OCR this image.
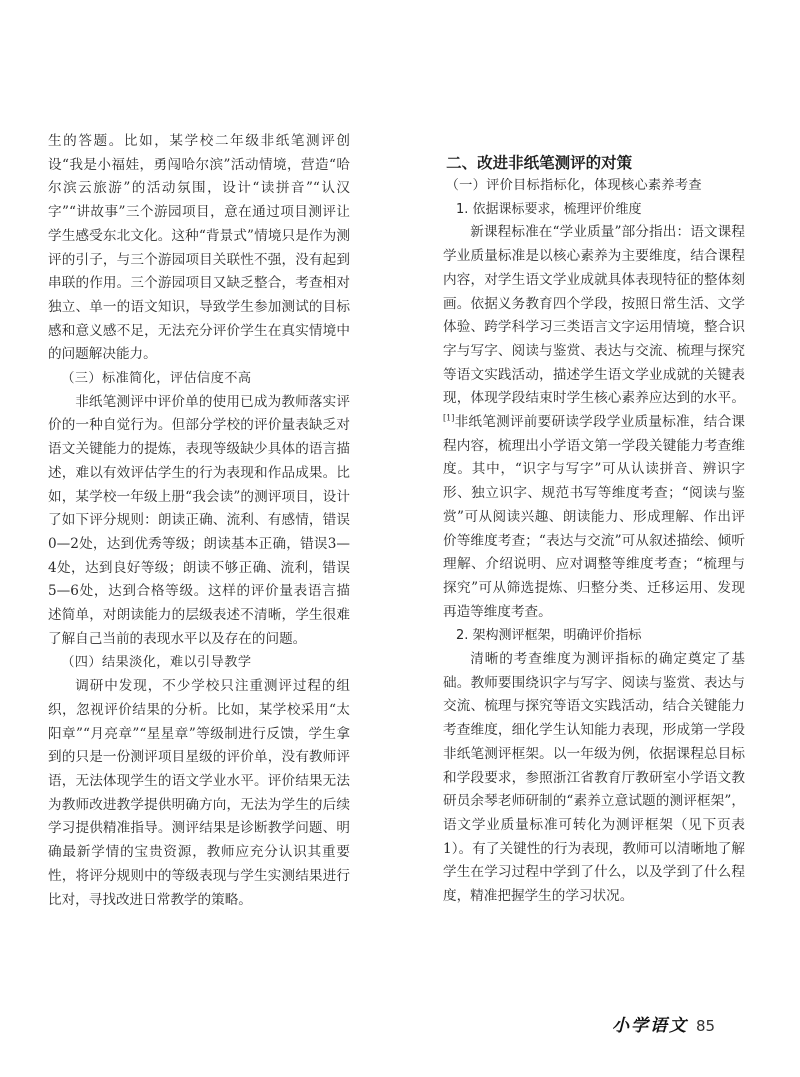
生的答题。比如，某学校二年级非纸笔测评创设“我是小福娃，勇闯哈尔滨”活动情境，营造“哈尔滨云旅游”的活动氛围，设计“读拼音”“认汉字”“讲故事”三个游园项目，意在通过项目测评让学生感受东北文化。这种“背景式”情境只是作为测评的引子，与三个游园项目关联性不强，没有起到串联的作用。三个游园项目又缺乏整合，考查相对独立、单一的语文知识，导致学生参加测试的目标感和意义感不足，无法充分评价学生在真实情境中的问题解决能力。

（三）标准简化，评估信度不高

非纸笔测评中评价单的使用已成为教师落实评价的一种自觉行为。但部分学校的评价量表缺乏对语文关键能力的提炼，表现等级缺少具体的语言描述，难以有效评估学生的行为表现和作品成果。比如，某学校一年级上册“我会读”的测评项目，设计了如下评分规则：朗读正确、流利、有感情，错误0—2处，达到优秀等级；朗读基本正确，错误3—4处，达到良好等级；朗读不够正确、流利，错误5—6处，达到合格等级。这样的评价量表语言描述简单，对朗读能力的层级表述不清晰，学生很难了解自己当前的表现水平以及存在的问题。

（四）结果淡化，难以引导教学

调研中发现，不少学校只注重测评过程的组织，忽视评价结果的分析。比如，某学校采用“太阳章”“月亮章”“星星章”等级制进行反馈，学生拿到的只是一份测评项目星级的评价单，没有教师评语，无法体现学生的语文学业水平。评价结果无法为教师改进教学提供明确方向，无法为学生的后续学习提供精准指导。测评结果是诊断教学问题、明确最新学情的宝贵资源，教师应充分认识其重要性，将评分规则中的等级表现与学生实测结果进行比对，寻找改进日常教学的策略。

二、改进非纸笔测评的对策

（一）评价目标指标化，体现核心素养考查

1. 依据课标要求，梳理评价维度

新课程标准在“学业质量”部分指出：语文课程学业质量标准是以核心素养为主要维度，结合课程内容，对学生语文学业成就具体表现特征的整体刻画。依据义务教育四个学段，按照日常生活、文学体验、跨学科学习三类语言文字运用情境，整合识字与写字、阅读与鉴赏、表达与交流、梳理与探究等语文实践活动，描述学生语文学业成就的关键表现，体现学段结束时学生核心素养应达到的水平。[1]非纸笔测评前要研读学段学业质量标准，结合课程内容，梳理出小学语文第一学段关键能力考查维度。其中，“识字与写字”可从认读拼音、辨识字形、独立识字、规范书写等维度考查；“阅读与鉴赏”可从阅读兴趣、朗读能力、形成理解、作出评价等维度考查；“表达与交流”可从叙述描绘、倾听理解、介绍说明、应对调整等维度考查；“梳理与探究”可从筛选提炼、归整分类、迁移运用、发现再造等维度考查。

2. 架构测评框架，明确评价指标

清晰的考查维度为测评指标的确定奠定了基础。教师要围绕识字与写字、阅读与鉴赏、表达与交流、梳理与探究等语文实践活动，结合关键能力考查维度，细化学生认知能力表现，形成第一学段非纸笔测评框架。以一年级为例，依据课程总目标和学段要求，参照浙江省教育厅教研室小学语文教研员余琴老师研制的“素养立意试题的测评框架”，语文学业质量标准可转化为测评框架（见下页表1）。有了关键性的行为表现，教师可以清晰地了解学生在学习过程中学到了什么，以及学到了什么程度，精准把握学生的学习状况。

小学语文 85
